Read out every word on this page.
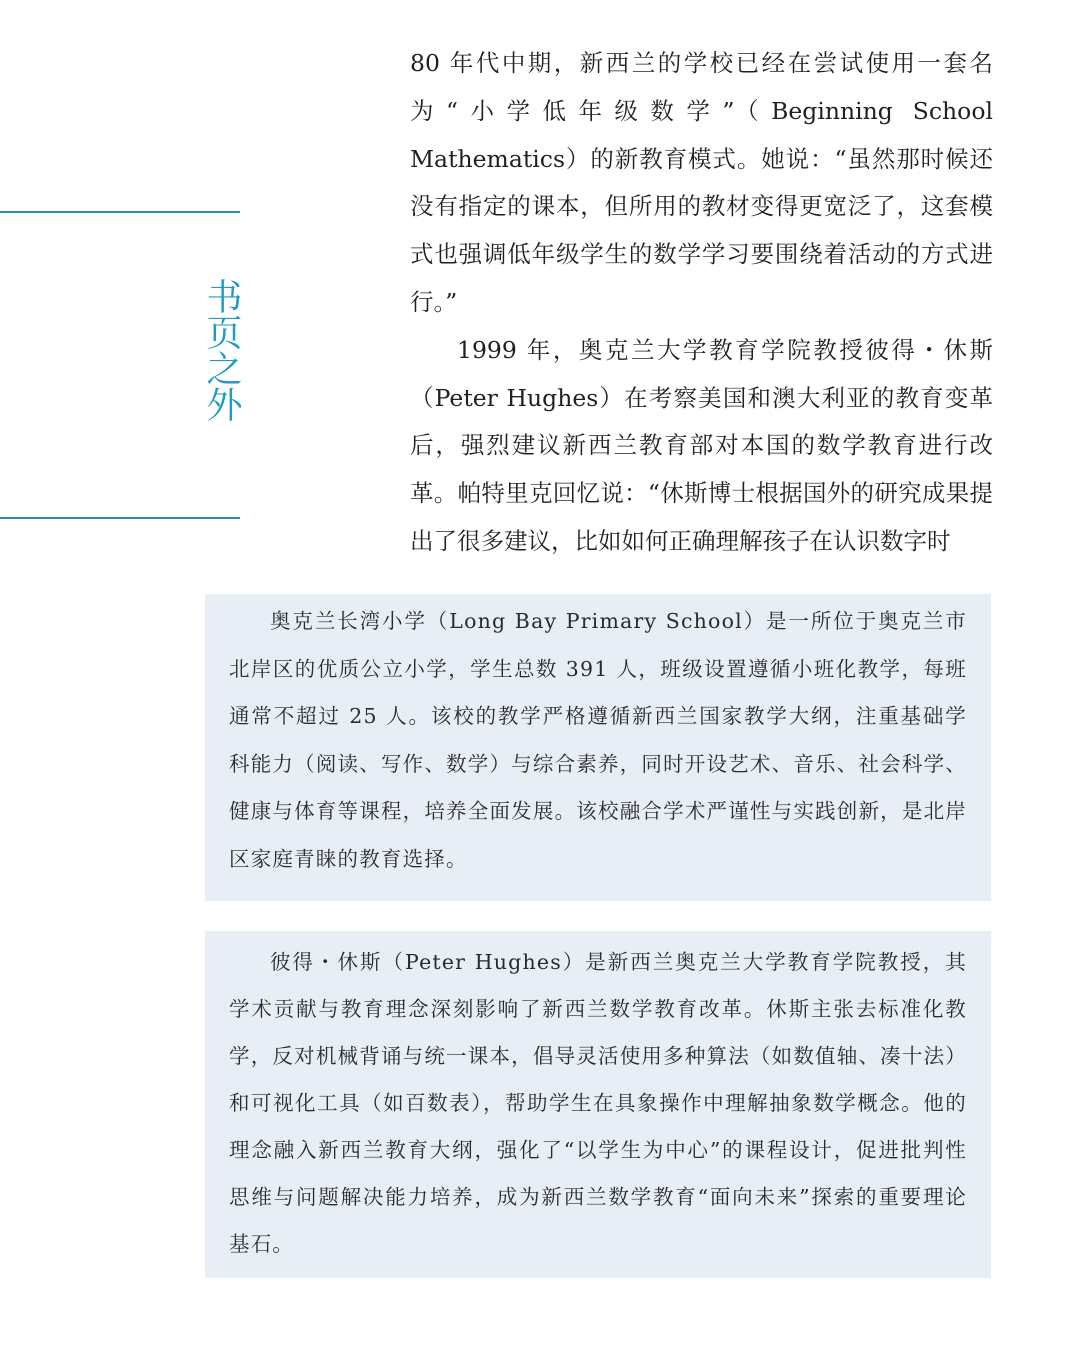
书页之外

80 年代中期，新西兰的学校已经在尝试使用一套名为“小学低年级数学”（Beginning School Mathematics）的新教育模式。她说：“虽然那时候还没有指定的课本，但所用的教材变得更宽泛了，这套模式也强调低年级学生的数学学习要围绕着活动的方式进行。”

1999 年，奥克兰大学教育学院教授彼得・休斯（Peter Hughes）在考察美国和澳大利亚的教育变革后，强烈建议新西兰教育部对本国的数学教育进行改革。帕特里克回忆说：“休斯博士根据国外的研究成果提出了很多建议，比如如何正确理解孩子在认识数字时

奥克兰长湾小学（Long Bay Primary School）是一所位于奥克兰市北岸区的优质公立小学，学生总数 391 人，班级设置遵循小班化教学，每班通常不超过 25 人。该校的教学严格遵循新西兰国家教学大纲，注重基础学科能力（阅读、写作、数学）与综合素养，同时开设艺术、音乐、社会科学、健康与体育等课程，培养全面发展。该校融合学术严谨性与实践创新，是北岸区家庭青睐的教育选择。

彼得・休斯（Peter Hughes）是新西兰奥克兰大学教育学院教授，其学术贡献与教育理念深刻影响了新西兰数学教育改革。休斯主张去标准化教学，反对机械背诵与统一课本，倡导灵活使用多种算法（如数值轴、凑十法）和可视化工具（如百数表），帮助学生在具象操作中理解抽象数学概念。他的理念融入新西兰教育大纲，强化了“以学生为中心”的课程设计，促进批判性思维与问题解决能力培养，成为新西兰数学教育“面向未来”探索的重要理论基石。
